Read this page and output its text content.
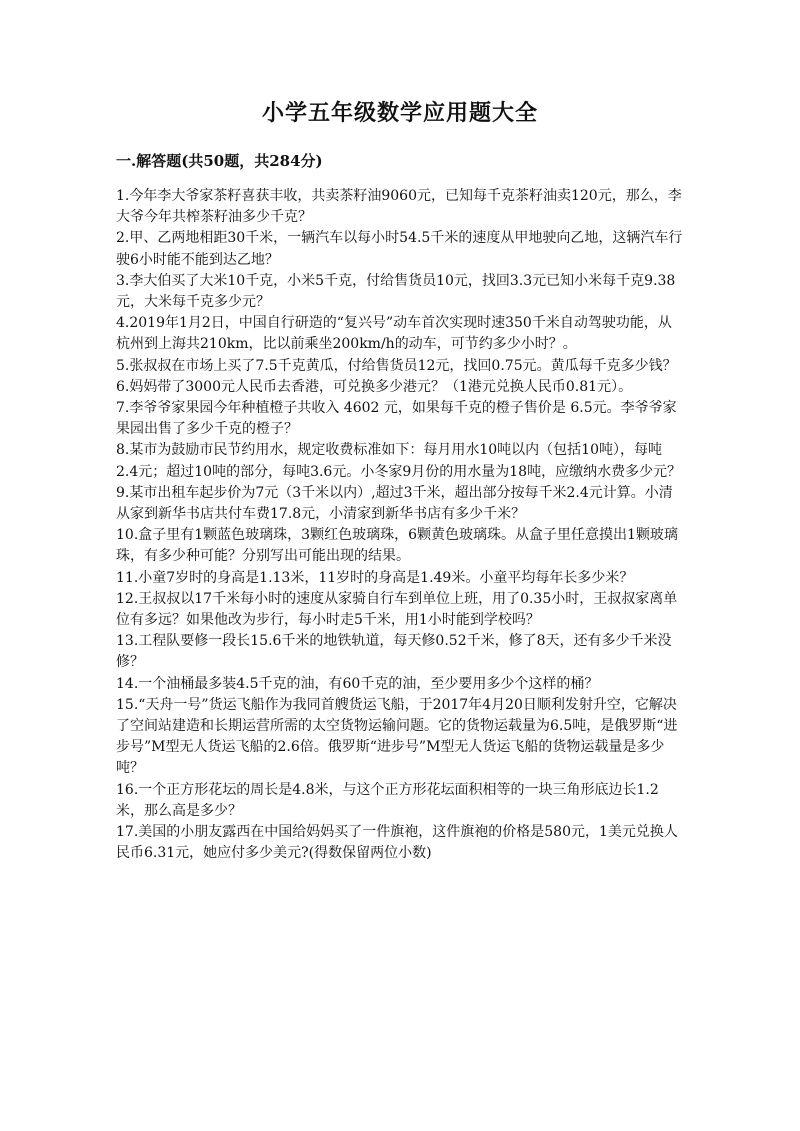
小学五年级数学应用题大全
一.解答题(共50题，共284分)

1.今年李大爷家茶籽喜获丰收，共卖茶籽油9060元，已知每千克茶籽油卖120元，那么，李大爷今年共榨茶籽油多少千克？

2.甲、乙两地相距30千米，一辆汽车以每小时54.5千米的速度从甲地驶向乙地，这辆汽车行驶6小时能不能到达乙地？

3.李大伯买了大米10千克，小米5千克，付给售货员10元，找回3.3元已知小米每千克9.38元，大米每千克多少元？

4.2019年1月2日，中国自行研造的“复兴号”动车首次实现时速350千米自动驾驶功能，从杭州到上海共210km，比以前乘坐200km/h的动车，可节约多少小时？。

5.张叔叔在市场上买了7.5千克黄瓜，付给售货员12元，找回0.75元。黄瓜每千克多少钱？

6.妈妈带了3000元人民币去香港，可兑换多少港元？（1港元兑换人民币0.81元）。

7.李爷爷家果园今年种植橙子共收入 4602 元，如果每千克的橙子售价是 6.5元。李爷爷家果园出售了多少千克的橙子？

8.某市为鼓励市民节约用水，规定收费标准如下：每月用水10吨以内（包括10吨），每吨2.4元；超过10吨的部分，每吨3.6元。小冬家9月份的用水量为18吨，应缴纳水费多少元？

9.某市出租车起步价为7元（3千米以内）,超过3千米，超出部分按每千米2.4元计算。小清从家到新华书店共付车费17.8元，小清家到新华书店有多少千米？

10.盒子里有1颗蓝色玻璃珠，3颗红色玻璃珠，6颗黄色玻璃珠。从盒子里任意摸出1颗玻璃珠，有多少种可能？分别写出可能出现的结果。

11.小童7岁时的身高是1.13米，11岁时的身高是1.49米。小童平均每年长多少米？

12.王叔叔以17千米每小时的速度从家骑自行车到单位上班，用了0.35小时，王叔叔家离单位有多远？如果他改为步行，每小时走5千米，用1小时能到学校吗？

13.工程队要修一段长15.6千米的地铁轨道，每天修0.52千米，修了8天，还有多少千米没修？

14.一个油桶最多装4.5千克的油，有60千克的油，至少要用多少个这样的桶？

15.“天舟一号”货运飞船作为我同首艘货运飞船，于2017年4月20日顺利发射升空，它解决了空间站建造和长期运营所需的太空货物运输问题。它的货物运载量为6.5吨，是俄罗斯“进步号”M型无人货运飞船的2.6倍。俄罗斯“进步号”M型无人货运飞船的货物运载量是多少吨？

16.一个正方形花坛的周长是4.8米，与这个正方形花坛面积相等的一块三角形底边长1.2米，那么高是多少？

17.美国的小朋友露西在中国给妈妈买了一件旗袍，这件旗袍的价格是580元，1美元兑换人民币6.31元，她应付多少美元?(得数保留两位小数)
